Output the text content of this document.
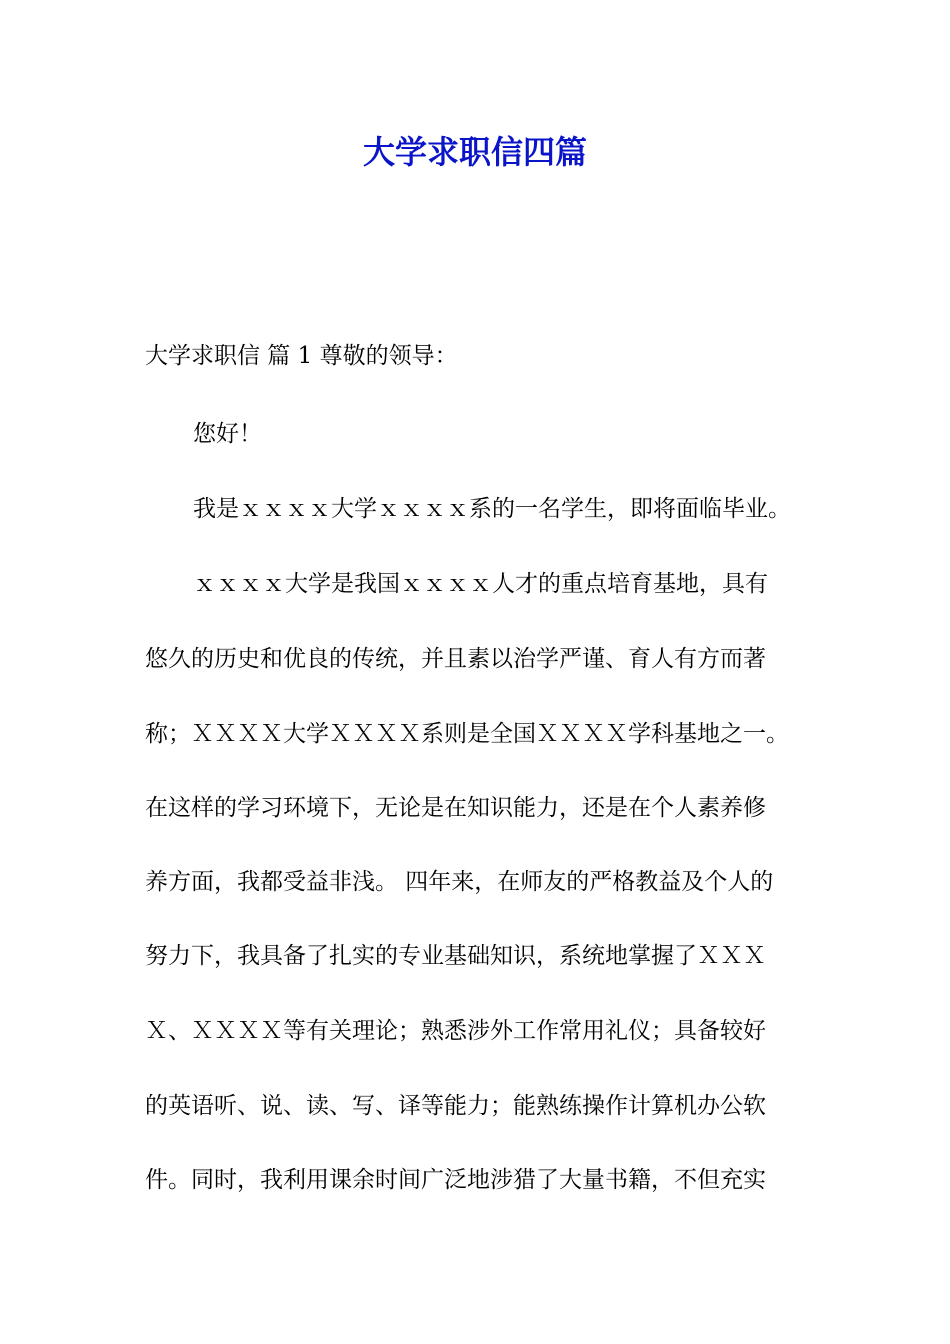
大学求职信四篇

大学求职信 篇 1 尊敬的领导：

您好！

我是ｘｘｘｘ大学ｘｘｘｘ系的一名学生，即将面临毕业。

ｘｘｘｘ大学是我国ｘｘｘｘ人才的重点培育基地，具有

悠久的历史和优良的传统，并且素以治学严谨、育人有方而著

称；ＸＸＸＸ大学ＸＸＸＸ系则是全国ＸＸＸＸ学科基地之一。

在这样的学习环境下，无论是在知识能力，还是在个人素养修

养方面，我都受益非浅。 四年来，在师友的严格教益及个人的

努力下，我具备了扎实的专业基础知识，系统地掌握了ＸＸＸ

Ｘ、ＸＸＸＸ等有关理论；熟悉涉外工作常用礼仪；具备较好

的英语听、说、读、写、译等能力；能熟练操作计算机办公软

件。同时，我利用课余时间广泛地涉猎了大量书籍，不但充实
